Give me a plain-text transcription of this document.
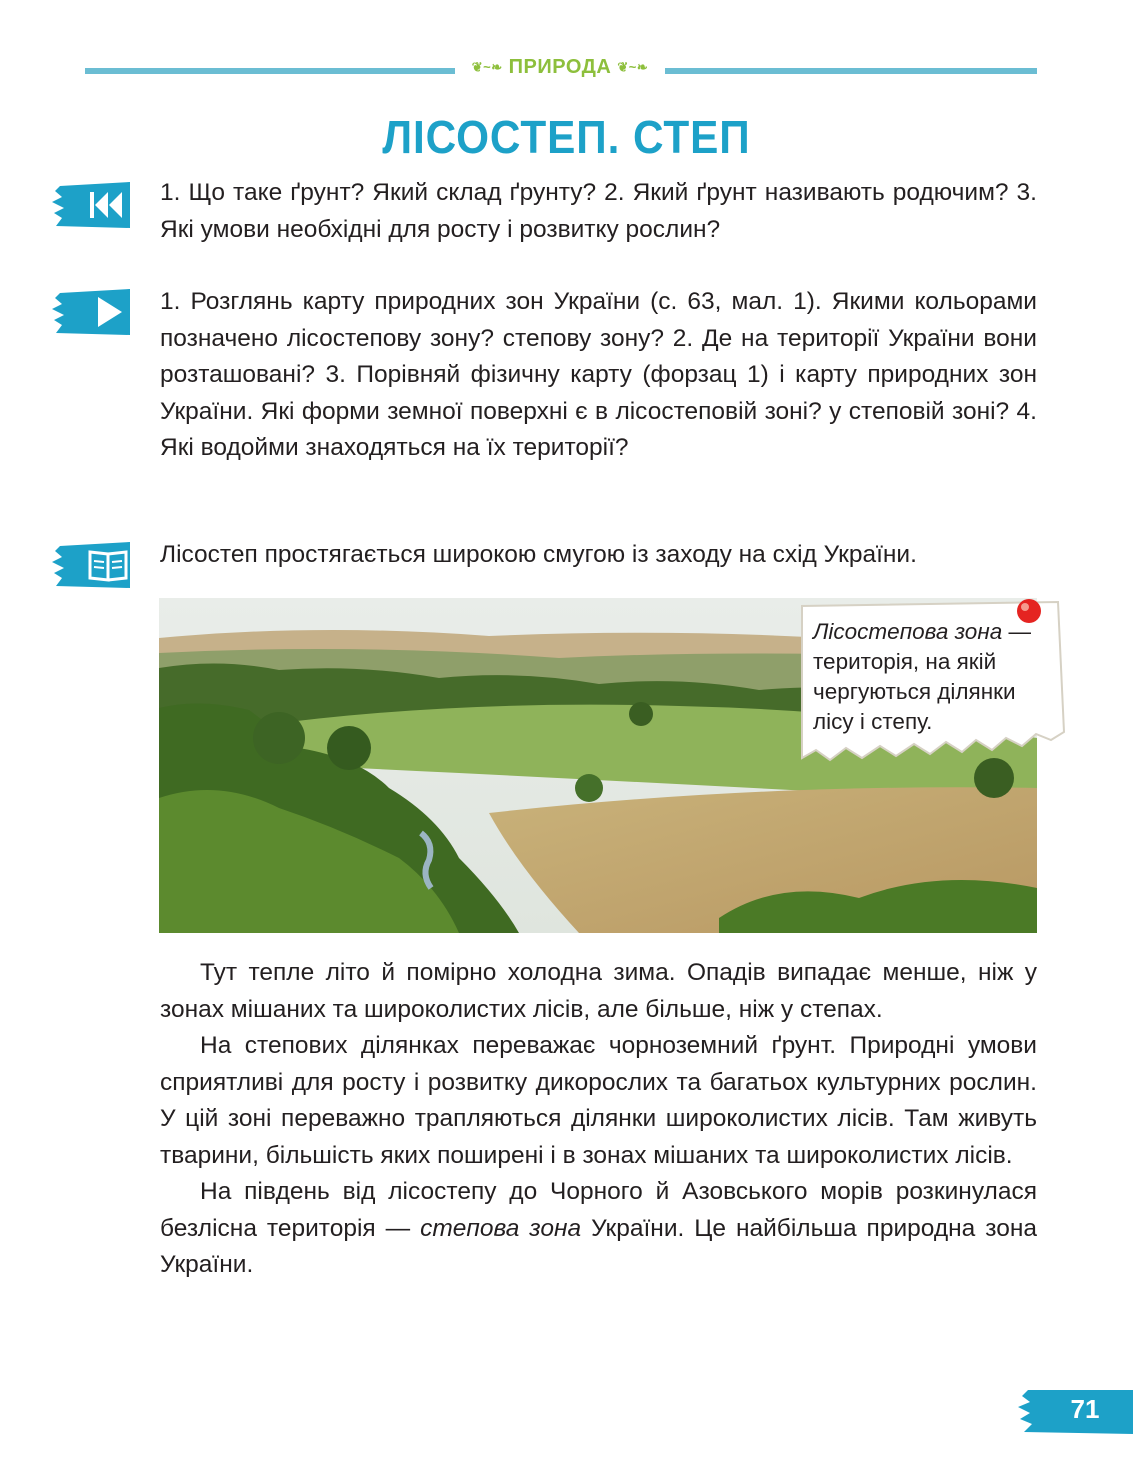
❦~❧ ПРИРОДА ❦~❧
ЛІСОСТЕП. СТЕП
1. Що таке ґрунт? Який склад ґрунту? 2. Який ґрунт називають родючим? 3. Які умови необхідні для росту і розвитку рослин?
1. Розглянь карту природних зон України (с. 63, мал. 1). Якими кольорами позначено лісостепову зону? степову зону? 2. Де на території України вони розташовані? 3. Порівняй фізичну карту (форзац 1) і карту природних зон України. Які форми земної поверхні є в лісостеповій зоні? у степовій зоні? 4. Які водойми знаходяться на їх території?
Лісостеп простягається широкою смугою із заходу на схід України.
Лісостепова зона — територія, на якій чергуються ділянки лісу і степу.

Тут тепле літо й помірно холодна зима. Опадів випадає менше, ніж у зонах мішаних та широколистих лісів, але більше, ніж у степах.

На степових ділянках переважає чорноземний ґрунт. Природні умови сприятливі для росту і розвитку дикорослих та багатьох культурних рослин. У цій зоні переважно трапляються ділянки широколистих лісів. Там живуть тварини, більшість яких поширені і в зонах мішаних та широколистих лісів.

На південь від лісостепу до Чорного й Азовського морів розкинулася безлісна територія — степова зона України. Це найбільша природна зона України.

71
